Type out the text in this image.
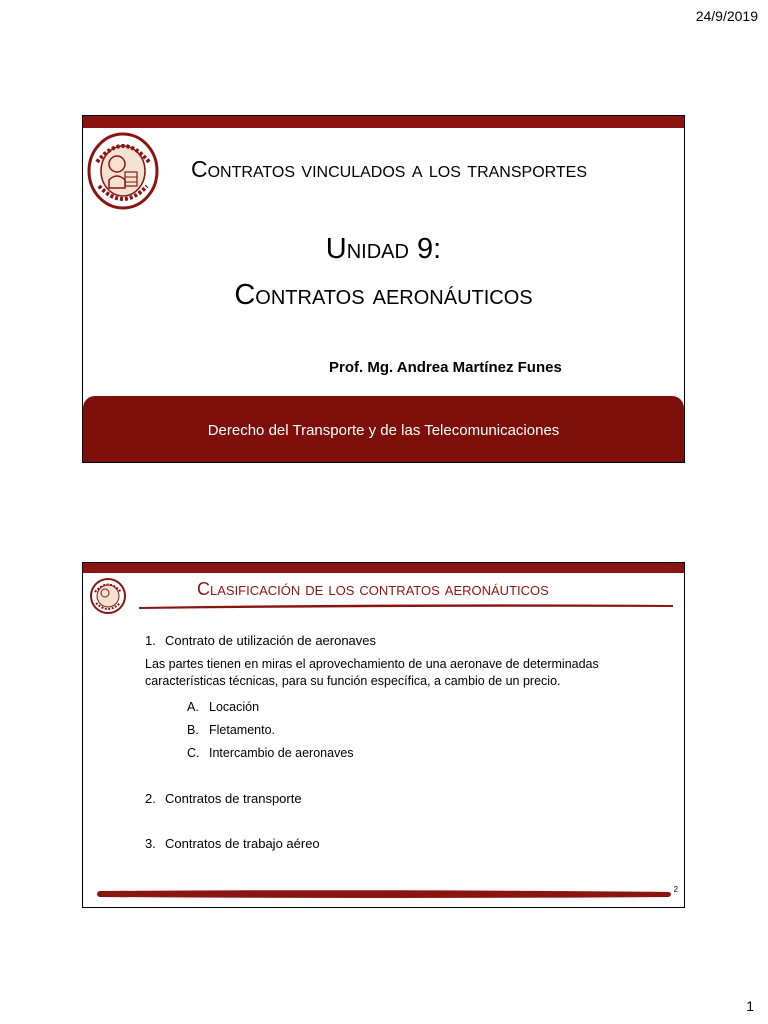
24/9/2019
Contratos vinculados a los transportes
Unidad 9:
Contratos aeronáuticos
Prof. Mg. Andrea Martínez Funes
Derecho del Transporte y de las Telecomunicaciones
Clasificación de los contratos aeronáuticos

1. Contrato de utilización de aeronaves

Las partes tienen en miras el aprovechamiento de una aeronave de determinadas características técnicas, para su función específica, a cambio de un precio.

A. Locación
B. Fletamento.
C. Intercambio de aeronaves

2. Contratos de transporte

3. Contratos de trabajo aéreo

2
1
